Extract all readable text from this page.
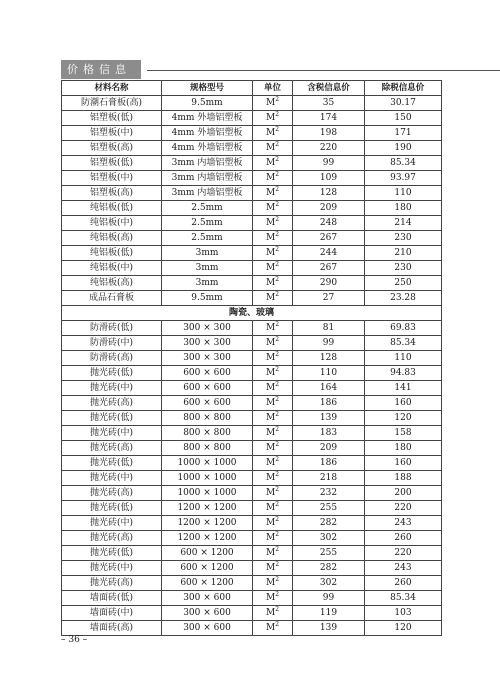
价格信息
材料名称	规格型号	单位	含税信息价	除税信息价
防潮石膏板(高)	9.5mm	$M^2$	35	30.17
铝塑板(低)	4mm 外墙铝塑板	$M^2$	174	150
铝塑板(中)	4mm 外墙铝塑板	$M^2$	198	171
铝塑板(高)	4mm 外墙铝塑板	$M^2$	220	190
铝塑板(低)	3mm 内墙铝塑板	$M^2$	99	85.34
铝塑板(中)	3mm 内墙铝塑板	$M^2$	109	93.97
铝塑板(高)	3mm 内墙铝塑板	$M^2$	128	110
纯铝板(低)	2.5mm	$M^2$	209	180
纯铝板(中)	2.5mm	$M^2$	248	214
纯铝板(高)	2.5mm	$M^2$	267	230
纯铝板(低)	3mm	$M^2$	244	210
纯铝板(中)	3mm	$M^2$	267	230
纯铝板(高)	3mm	$M^2$	290	250
成品石膏板	9.5mm	$M^2$	27	23.28
陶瓷、玻璃				
防滑砖(低)	300 × 300	$M^2$	81	69.83
防滑砖(中)	300 × 300	$M^2$	99	85.34
防滑砖(高)	300 × 300	$M^2$	128	110
抛光砖(低)	600 × 600	$M^2$	110	94.83
抛光砖(中)	600 × 600	$M^2$	164	141
抛光砖(高)	600 × 600	$M^2$	186	160
抛光砖(低)	800 × 800	$M^2$	139	120
抛光砖(中)	800 × 800	$M^2$	183	158
抛光砖(高)	800 × 800	$M^2$	209	180
抛光砖(低)	1000 × 1000	$M^2$	186	160
抛光砖(中)	1000 × 1000	$M^2$	218	188
抛光砖(高)	1000 × 1000	$M^2$	232	200
抛光砖(低)	1200 × 1200	$M^2$	255	220
抛光砖(中)	1200 × 1200	$M^2$	282	243
抛光砖(高)	1200 × 1200	$M^2$	302	260
抛光砖(低)	600 × 1200	$M^2$	255	220
抛光砖(中)	600 × 1200	$M^2$	282	243
抛光砖(高)	600 × 1200	$M^2$	302	260
墙面砖(低)	300 × 600	$M^2$	99	85.34
墙面砖(中)	300 × 600	$M^2$	119	103
墙面砖(高)	300 × 600	$M^2$	139	120
– 36 –
